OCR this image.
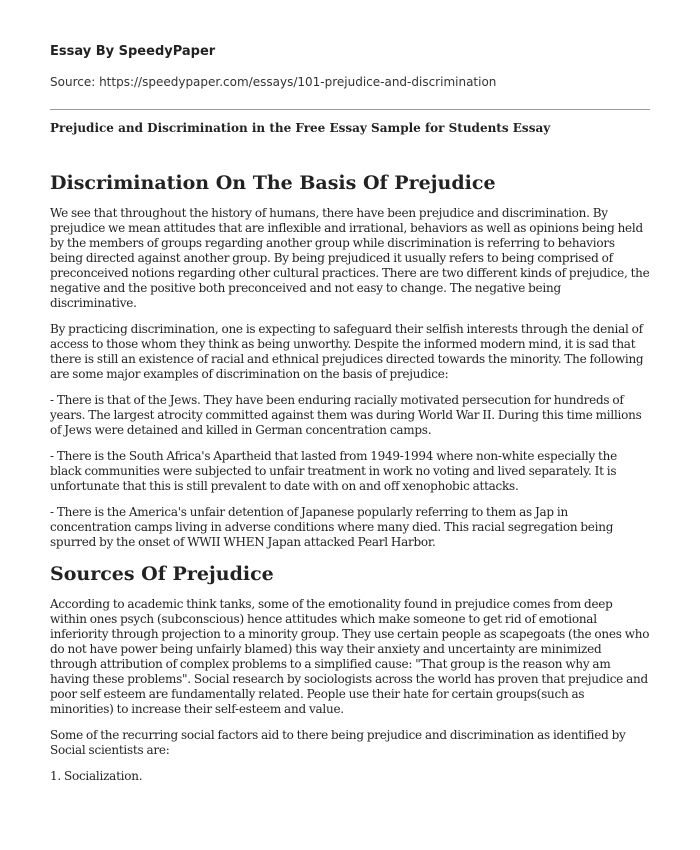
Essay By SpeedyPaper
Source: https://speedypaper.com/essays/101-prejudice-and-discrimination
Prejudice and Discrimination in the Free Essay Sample for Students Essay
Discrimination On The Basis Of Prejudice

We see that throughout the history of humans, there have been prejudice and discrimination. By prejudice we mean attitudes that are inflexible and irrational, behaviors as well as opinions being held by the members of groups regarding another group while discrimination is referring to behaviors being directed against another group. By being prejudiced it usually refers to being comprised of preconceived notions regarding other cultural practices. There are two different kinds of prejudice, the negative and the positive both preconceived and not easy to change. The negative being discriminative.

By practicing discrimination, one is expecting to safeguard their selfish interests through the denial of access to those whom they think as being unworthy. Despite the informed modern mind, it is sad that there is still an existence of racial and ethnical prejudices directed towards the minority. The following are some major examples of discrimination on the basis of prejudice:

- There is that of the Jews. They have been enduring racially motivated persecution for hundreds of years. The largest atrocity committed against them was during World War II. During this time millions of Jews were detained and killed in German concentration camps.

- There is the South Africa's Apartheid that lasted from 1949-1994 where non-white especially the black communities were subjected to unfair treatment in work no voting and lived separately. It is unfortunate that this is still prevalent to date with on and off xenophobic attacks.

- There is the America's unfair detention of Japanese popularly referring to them as Jap in concentration camps living in adverse conditions where many died. This racial segregation being spurred by the onset of WWII WHEN Japan attacked Pearl Harbor.

Sources Of Prejudice

According to academic think tanks, some of the emotionality found in prejudice comes from deep within ones psych (subconscious) hence attitudes which make someone to get rid of emotional inferiority through projection to a minority group. They use certain people as scapegoats (the ones who do not have power being unfairly blamed) this way their anxiety and uncertainty are minimized through attribution of complex problems to a simplified cause: "That group is the reason why am having these problems". Social research by sociologists across the world has proven that prejudice and poor self esteem are fundamentally related. People use their hate for certain groups(such as minorities) to increase their self-esteem and value.

Some of the recurring social factors aid to there being prejudice and discrimination as identified by Social scientists are:

1. Socialization.
